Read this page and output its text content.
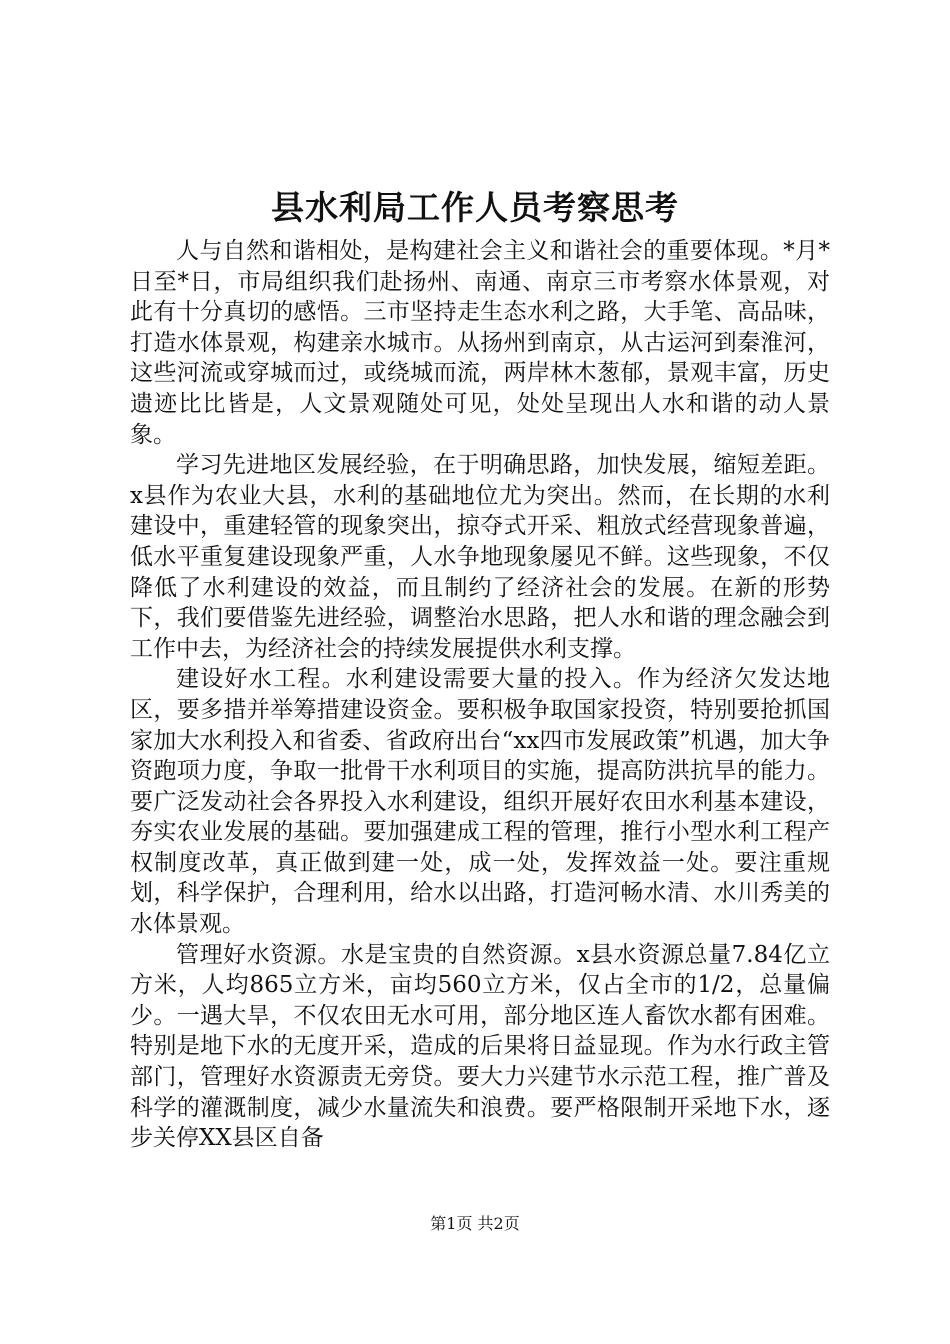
县水利局工作人员考察思考

人与自然和谐相处，是构建社会主义和谐社会的重要体现。*月*日至*日，市局组织我们赴扬州、南通、南京三市考察水体景观，对此有十分真切的感悟。三市坚持走生态水利之路，大手笔、高品味，打造水体景观，构建亲水城市。从扬州到南京，从古运河到秦淮河，这些河流或穿城而过，或绕城而流，两岸林木葱郁，景观丰富，历史遗迹比比皆是，人文景观随处可见，处处呈现出人水和谐的动人景象。

学习先进地区发展经验，在于明确思路，加快发展，缩短差距。x县作为农业大县，水利的基础地位尤为突出。然而，在长期的水利建设中，重建轻管的现象突出，掠夺式开采、粗放式经营现象普遍，低水平重复建设现象严重，人水争地现象屡见不鲜。这些现象，不仅降低了水利建设的效益，而且制约了经济社会的发展。在新的形势下，我们要借鉴先进经验，调整治水思路，把人水和谐的理念融会到工作中去，为经济社会的持续发展提供水利支撑。

建设好水工程。水利建设需要大量的投入。作为经济欠发达地区，要多措并举筹措建设资金。要积极争取国家投资，特别要抢抓国家加大水利投入和省委、省政府出台“xx四市发展政策”机遇，加大争资跑项力度，争取一批骨干水利项目的实施，提高防洪抗旱的能力。要广泛发动社会各界投入水利建设，组织开展好农田水利基本建设，夯实农业发展的基础。要加强建成工程的管理，推行小型水利工程产权制度改革，真正做到建一处，成一处，发挥效益一处。要注重规划，科学保护，合理利用，给水以出路，打造河畅水清、水川秀美的水体景观。

管理好水资源。水是宝贵的自然资源。x县水资源总量7.84亿立方米，人均865立方米，亩均560立方米，仅占全市的1/2，总量偏少。一遇大旱，不仅农田无水可用，部分地区连人畜饮水都有困难。特别是地下水的无度开采，造成的后果将日益显现。作为水行政主管部门，管理好水资源责无旁贷。要大力兴建节水示范工程，推广普及科学的灌溉制度，减少水量流失和浪费。要严格限制开采地下水，逐步关停XX县区自备

第1页 共2页
